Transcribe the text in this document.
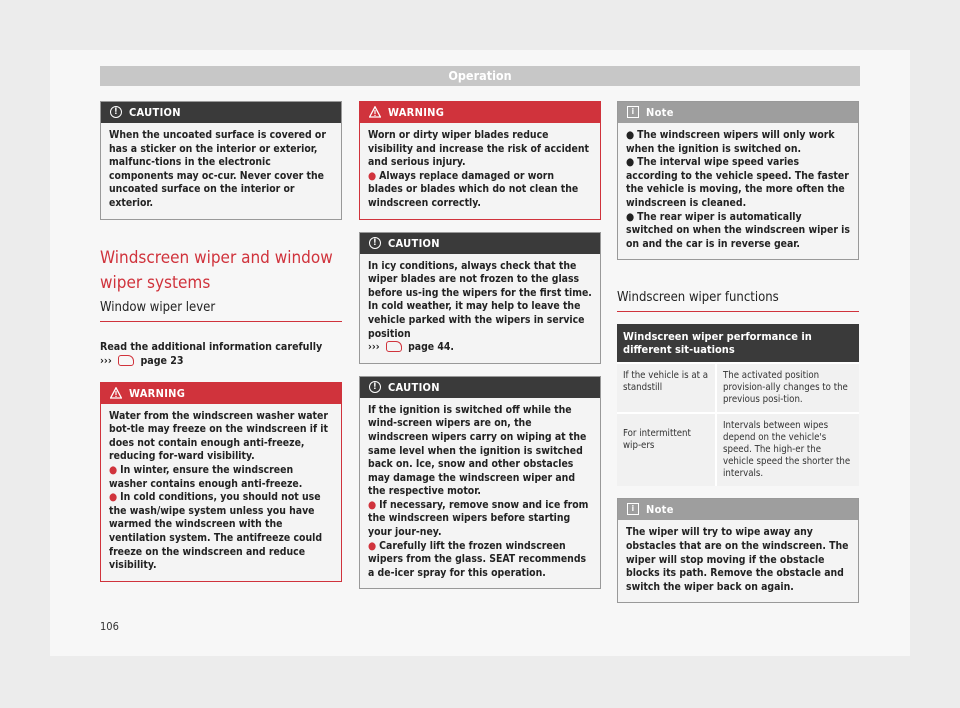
Operation
!	CAUTION

When the uncoated surface is covered or has a sticker on the interior or exterior, malfunc-tions in the electronic components may oc-cur. Never cover the uncoated surface on the interior or exterior.

Windscreen wiper and window wiper systems
Window wiper lever
Read the additional information carefully
›››	page 23
WARNING

Water from the windscreen washer water bot-tle may freeze on the windscreen if it does not contain enough anti-freeze, reducing for-ward visibility.

● In winter, ensure the windscreen washer contains enough anti-freeze.

● In cold conditions, you should not use the wash/wipe system unless you have warmed the windscreen with the ventilation system. The antifreeze could freeze on the windscreen and reduce visibility.

WARNING

Worn or dirty wiper blades reduce visibility and increase the risk of accident and serious injury.

● Always replace damaged or worn blades or blades which do not clean the windscreen correctly.

!	CAUTION

In icy conditions, always check that the wiper blades are not frozen to the glass before us-ing the wipers for the first time. In cold weather, it may help to leave the vehicle parked with the wipers in service position
›››	page 44.

!	CAUTION

If the ignition is switched off while the wind-screen wipers are on, the windscreen wipers carry on wiping at the same level when the ignition is switched back on. Ice, snow and other obstacles may damage the windscreen wiper and the respective motor.

● If necessary, remove snow and ice from the windscreen wipers before starting your jour-ney.

● Carefully lift the frozen windscreen wipers from the glass. SEAT recommends a de-icer spray for this operation.

i	Note

● The windscreen wipers will only work when the ignition is switched on.

● The interval wipe speed varies according to the vehicle speed. The faster the vehicle is moving, the more often the windscreen is cleaned.

● The rear wiper is automatically switched on when the windscreen wiper is on and the car is in reverse gear.

Windscreen wiper functions
Windscreen wiper performance in different sit-uations	
If the vehicle is at a standstill	The activated position provision-ally changes to the previous posi-tion.
For intermittent wip-ers	Intervals between wipes depend on the vehicle's speed. The high-er the vehicle speed the shorter the intervals.
i	Note

The wiper will try to wipe away any obstacles that are on the windscreen. The wiper will stop moving if the obstacle blocks its path. Remove the obstacle and switch the wiper back on again.

106
